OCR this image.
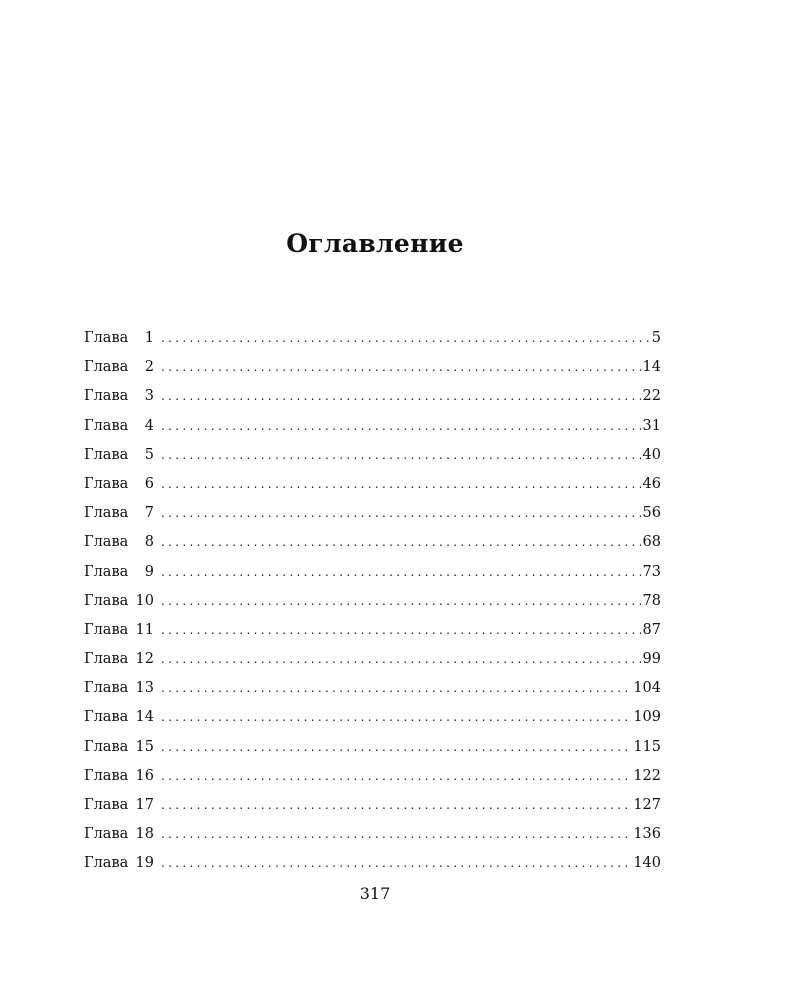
Оглавление
Глава	1 . . .	5
Глава	2 . . .	14
Глава	3 . . .	22
Глава	4 . . .	31
Глава	5 . . .	40
Глава	6 . . .	46
Глава	7 . . .	56
Глава	8 . . .	68
Глава	9 . . .	73
Глава 10 . . .	78
Глава 11 . . .	87
Глава 12 . . .	99
Глава 13 . . .	104
Глава 14 . . .	109
Глава 15 . . .	115
Глава 16 . . .	122
Глава 17 . . .	127
Глава 18 . . .	136
Глава 19 . . .	140
317
